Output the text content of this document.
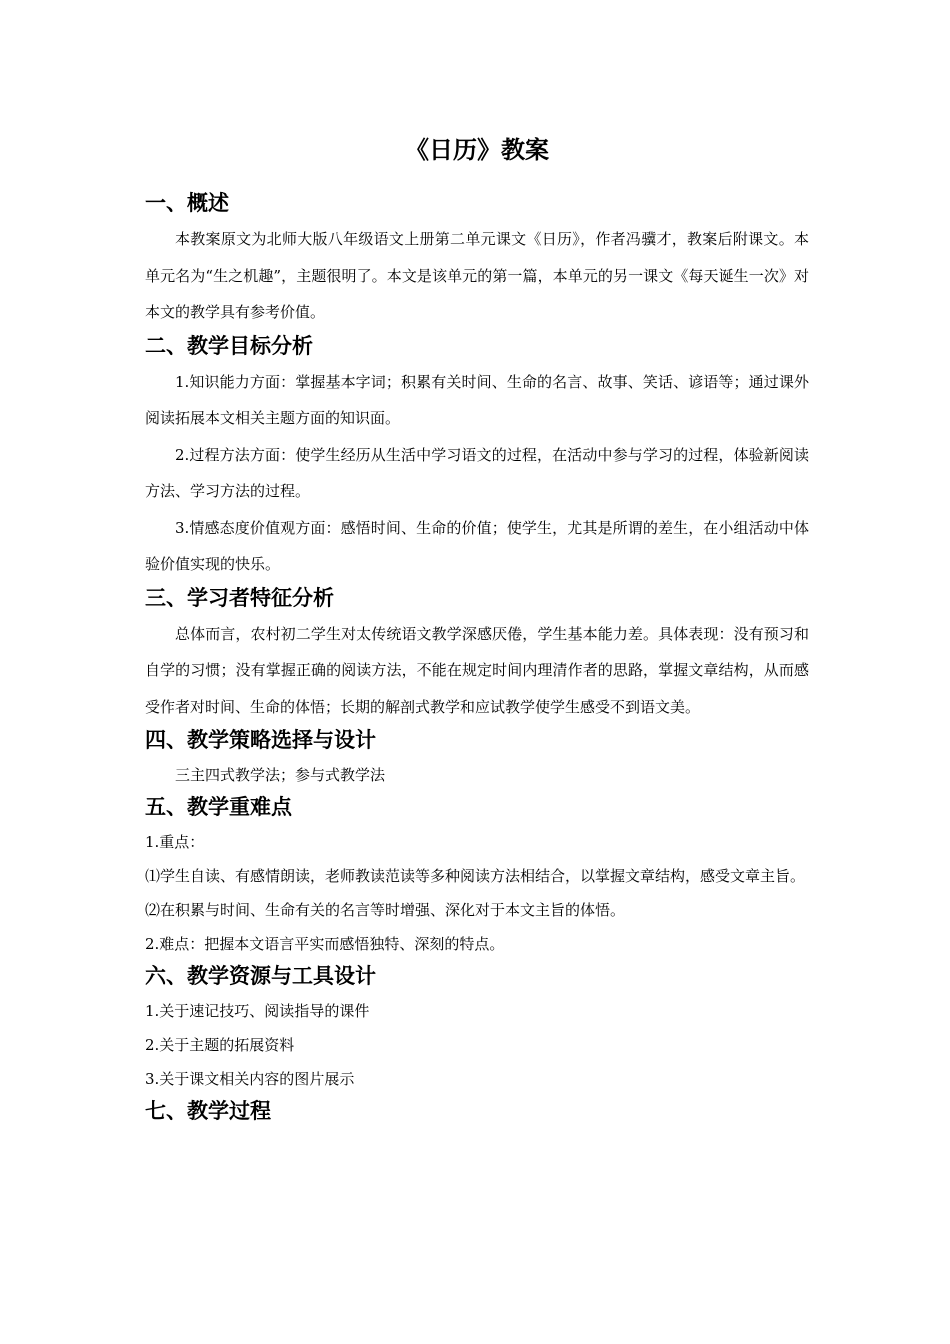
《日历》教案
一、概述

本教案原文为北师大版八年级语文上册第二单元课文《日历》，作者冯骥才，教案后附课文。本单元名为“生之机趣”，主题很明了。本文是该单元的第一篇，本单元的另一课文《每天诞生一次》对本文的教学具有参考价值。

二、教学目标分析

1.知识能力方面：掌握基本字词；积累有关时间、生命的名言、故事、笑话、谚语等；通过课外阅读拓展本文相关主题方面的知识面。

2.过程方法方面：使学生经历从生活中学习语文的过程，在活动中参与学习的过程，体验新阅读方法、学习方法的过程。

3.情感态度价值观方面：感悟时间、生命的价值；使学生，尤其是所谓的差生，在小组活动中体验价值实现的快乐。

三、学习者特征分析

总体而言，农村初二学生对太传统语文教学深感厌倦，学生基本能力差。具体表现：没有预习和自学的习惯；没有掌握正确的阅读方法，不能在规定时间内理清作者的思路，掌握文章结构，从而感受作者对时间、生命的体悟；长期的解剖式教学和应试教学使学生感受不到语文美。

四、教学策略选择与设计

三主四式教学法；参与式教学法

五、教学重难点

1.重点：

⑴学生自读、有感情朗读，老师教读范读等多种阅读方法相结合，以掌握文章结构，感受文章主旨。

⑵在积累与时间、生命有关的名言等时增强、深化对于本文主旨的体悟。

2.难点：把握本文语言平实而感悟独特、深刻的特点。

六、教学资源与工具设计

1.关于速记技巧、阅读指导的课件

2.关于主题的拓展资料

3.关于课文相关内容的图片展示

七、教学过程
